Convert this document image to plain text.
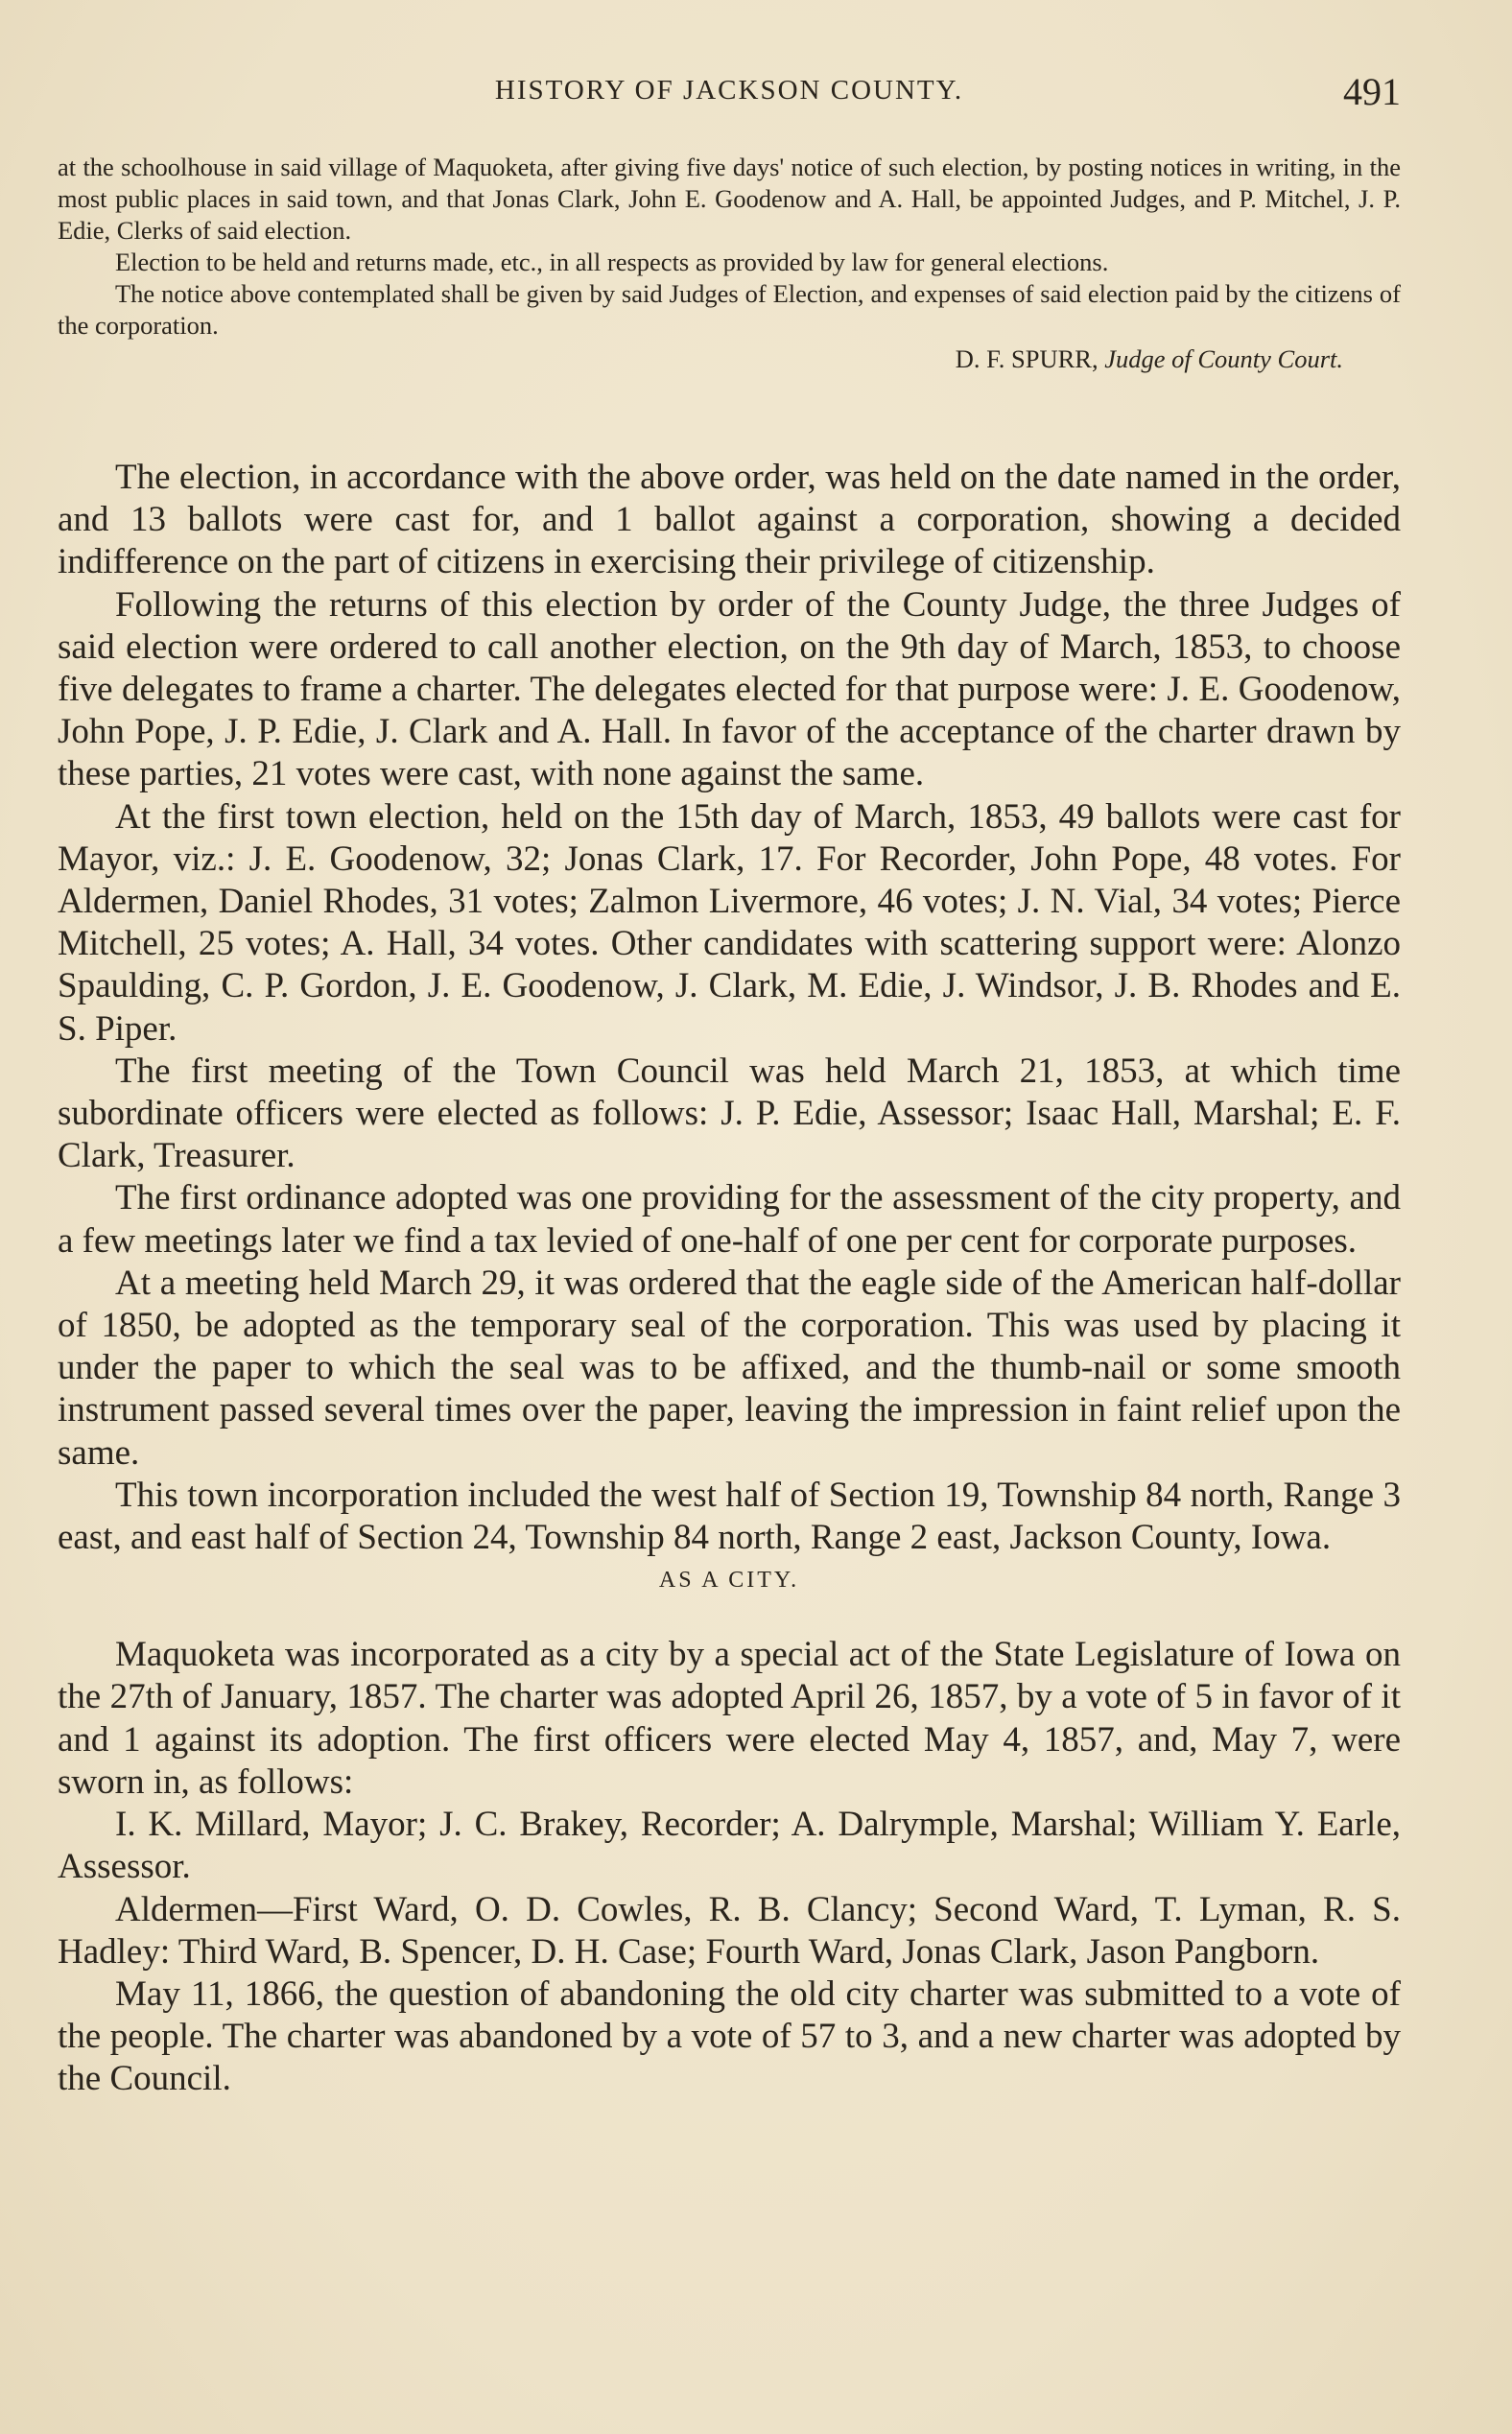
HISTORY OF JACKSON COUNTY.	491

at the schoolhouse in said village of Maquoketa, after giving five days' notice of such election, by posting notices in writing, in the most public places in said town, and that Jonas Clark, John E. Goodenow and A. Hall, be appointed Judges, and P. Mitchel, J. P. Edie, Clerks of said election.

Election to be held and returns made, etc., in all respects as provided by law for general elections.

The notice above contemplated shall be given by said Judges of Election, and expenses of said election paid by the citizens of the corporation.

D. F. SPURR, Judge of County Court.

The election, in accordance with the above order, was held on the date named in the order, and 13 ballots were cast for, and 1 ballot against a corporation, showing a decided indifference on the part of citizens in exercising their privilege of citizenship.

Following the returns of this election by order of the County Judge, the three Judges of said election were ordered to call another election, on the 9th day of March, 1853, to choose five delegates to frame a charter. The delegates elected for that purpose were: J. E. Goodenow, John Pope, J. P. Edie, J. Clark and A. Hall. In favor of the acceptance of the charter drawn by these parties, 21 votes were cast, with none against the same.

At the first town election, held on the 15th day of March, 1853, 49 ballots were cast for Mayor, viz.: J. E. Goodenow, 32; Jonas Clark, 17. For Recorder, John Pope, 48 votes. For Aldermen, Daniel Rhodes, 31 votes; Zalmon Livermore, 46 votes; J. N. Vial, 34 votes; Pierce Mitchell, 25 votes; A. Hall, 34 votes. Other candidates with scattering support were: Alonzo Spaulding, C. P. Gordon, J. E. Goodenow, J. Clark, M. Edie, J. Windsor, J. B. Rhodes and E. S. Piper.

The first meeting of the Town Council was held March 21, 1853, at which time subordinate officers were elected as follows: J. P. Edie, Assessor; Isaac Hall, Marshal; E. F. Clark, Treasurer.

The first ordinance adopted was one providing for the assessment of the city property, and a few meetings later we find a tax levied of one-half of one per cent for corporate purposes.

At a meeting held March 29, it was ordered that the eagle side of the American half-dollar of 1850, be adopted as the temporary seal of the corporation. This was used by placing it under the paper to which the seal was to be affixed, and the thumb-nail or some smooth instrument passed several times over the paper, leaving the impression in faint relief upon the same.

This town incorporation included the west half of Section 19, Township 84 north, Range 3 east, and east half of Section 24, Township 84 north, Range 2 east, Jackson County, Iowa.

AS A CITY.

Maquoketa was incorporated as a city by a special act of the State Legislature of Iowa on the 27th of January, 1857. The charter was adopted April 26, 1857, by a vote of 5 in favor of it and 1 against its adoption. The first officers were elected May 4, 1857, and, May 7, were sworn in, as follows:

I. K. Millard, Mayor; J. C. Brakey, Recorder; A. Dalrymple, Marshal; William Y. Earle, Assessor.

Aldermen—First Ward, O. D. Cowles, R. B. Clancy; Second Ward, T. Lyman, R. S. Hadley: Third Ward, B. Spencer, D. H. Case; Fourth Ward, Jonas Clark, Jason Pangborn.

May 11, 1866, the question of abandoning the old city charter was submitted to a vote of the people. The charter was abandoned by a vote of 57 to 3, and a new charter was adopted by the Council.
